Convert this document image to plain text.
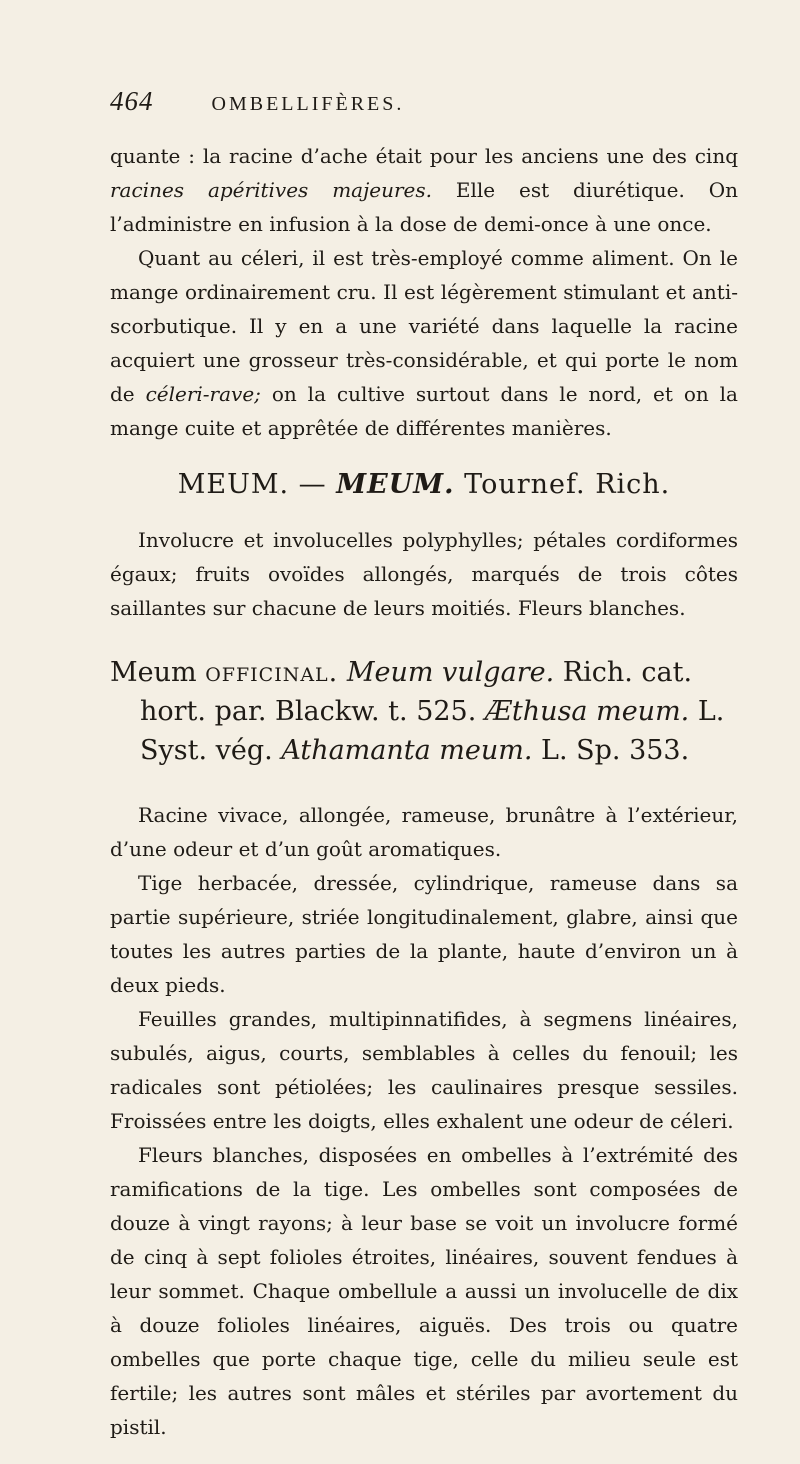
464	OMBELLIFÈRES.

quante : la racine d’ache était pour les anciens une des cinq racines apéritives majeures. Elle est diurétique. On l’administre en infusion à la dose de demi-once à une once.

Quant au céleri, il est très-employé comme aliment. On le mange ordinairement cru. Il est légèrement stimulant et anti-scorbutique. Il y en a une variété dans laquelle la racine acquiert une grosseur très-considérable, et qui porte le nom de céleri-rave; on la cultive surtout dans le nord, et on la mange cuite et apprêtée de différentes manières.

MEUM. — MEUM. Tournef. Rich.

Involucre et involucelles polyphylles; pétales cordiformes égaux; fruits ovoïdes allongés, marqués de trois côtes saillantes sur chacune de leurs moitiés. Fleurs blanches.

Meum officinal. Meum vulgare. Rich. cat. hort. par. Blackw. t. 525. Æthusa meum. L. Syst. vég. Athamanta meum. L. Sp. 353.

Racine vivace, allongée, rameuse, brunâtre à l’extérieur, d’une odeur et d’un goût aromatiques.

Tige herbacée, dressée, cylindrique, rameuse dans sa partie supérieure, striée longitudinalement, glabre, ainsi que toutes les autres parties de la plante, haute d’environ un à deux pieds.

Feuilles grandes, multipinnatifides, à segmens linéaires, subulés, aigus, courts, semblables à celles du fenouil; les radicales sont pétiolées; les caulinaires presque sessiles. Froissées entre les doigts, elles exhalent une odeur de céleri.

Fleurs blanches, disposées en ombelles à l’extrémité des ramifications de la tige. Les ombelles sont composées de douze à vingt rayons; à leur base se voit un involucre formé de cinq à sept folioles étroites, linéaires, souvent fendues à leur sommet. Chaque ombellule a aussi un involucelle de dix à douze folioles linéaires, aiguës. Des trois ou quatre ombelles que porte chaque tige, celle du milieu seule est fertile; les autres sont mâles et stériles par avortement du pistil.
